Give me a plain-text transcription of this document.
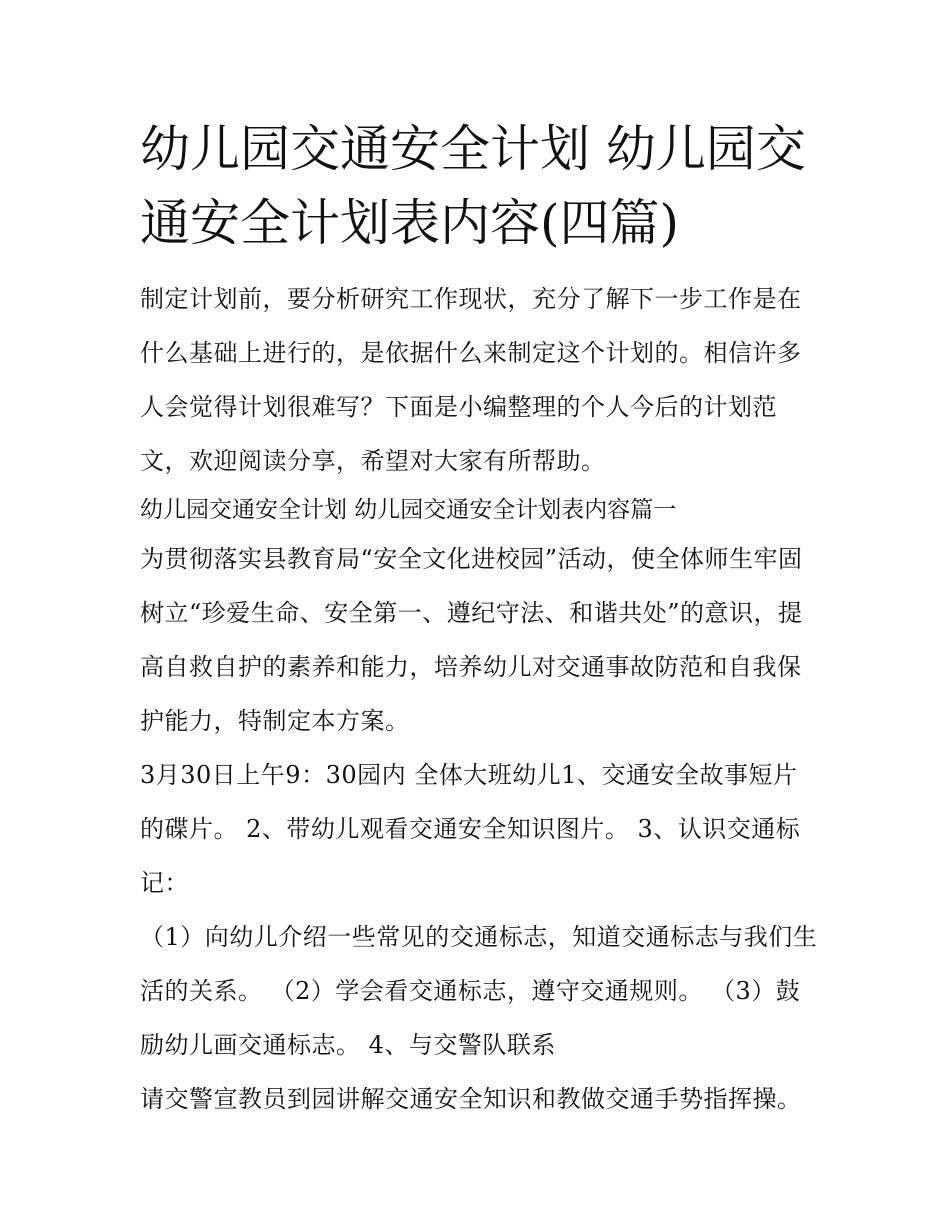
幼儿园交通安全计划 幼儿园交通安全计划表内容(四篇)

制定计划前，要分析研究工作现状，充分了解下一步工作是在什么基础上进行的，是依据什么来制定这个计划的。相信许多人会觉得计划很难写？下面是小编整理的个人今后的计划范文，欢迎阅读分享，希望对大家有所帮助。

幼儿园交通安全计划 幼儿园交通安全计划表内容篇一

为贯彻落实县教育局“安全文化进校园”活动，使全体师生牢固树立“珍爱生命、安全第一、遵纪守法、和谐共处”的意识，提高自救自护的素养和能力，培养幼儿对交通事故防范和自我保护能力，特制定本方案。

3月30日上午9：30园内 全体大班幼儿1、交通安全故事短片的碟片。 2、带幼儿观看交通安全知识图片。 3、认识交通标记：

（1）向幼儿介绍一些常见的交通标志，知道交通标志与我们生活的关系。 （2）学会看交通标志，遵守交通规则。 （3）鼓励幼儿画交通标志。 4、与交警队联系

请交警宣教员到园讲解交通安全知识和教做交通手势指挥操。
